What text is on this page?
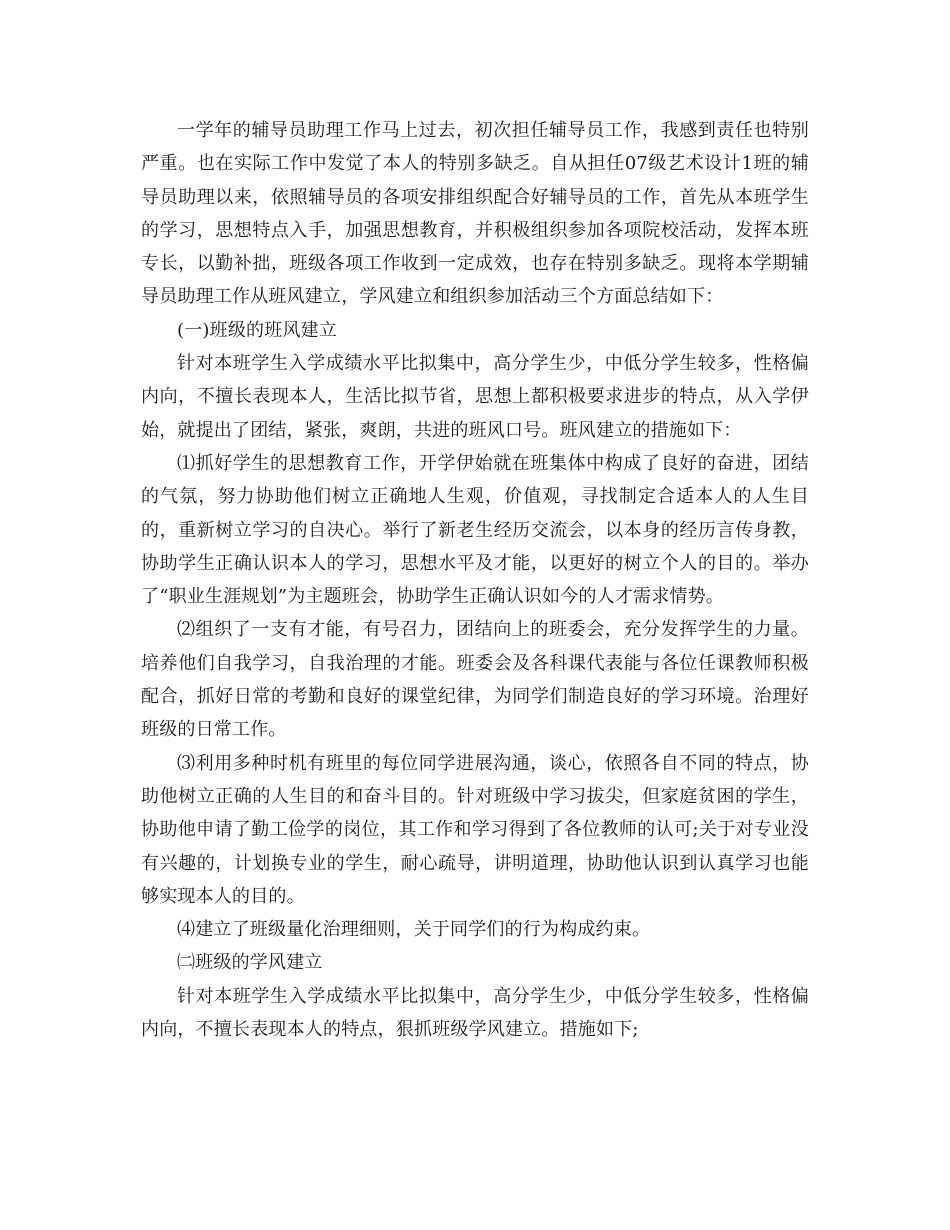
一学年的辅导员助理工作马上过去，初次担任辅导员工作，我感到责任也特别严重。也在实际工作中发觉了本人的特别多缺乏。自从担任07级艺术设计1班的辅导员助理以来，依照辅导员的各项安排组织配合好辅导员的工作，首先从本班学生的学习，思想特点入手，加强思想教育，并积极组织参加各项院校活动，发挥本班专长，以勤补拙，班级各项工作收到一定成效，也存在特别多缺乏。现将本学期辅导员助理工作从班风建立，学风建立和组织参加活动三个方面总结如下：

(一)班级的班风建立

针对本班学生入学成绩水平比拟集中，高分学生少，中低分学生较多，性格偏内向，不擅长表现本人，生活比拟节省，思想上都积极要求进步的特点，从入学伊始，就提出了团结，紧张，爽朗，共进的班风口号。班风建立的措施如下：

⑴抓好学生的思想教育工作，开学伊始就在班集体中构成了良好的奋进，团结的气氛，努力协助他们树立正确地人生观，价值观，寻找制定合适本人的人生目的，重新树立学习的自决心。举行了新老生经历交流会，以本身的经历言传身教，协助学生正确认识本人的学习，思想水平及才能，以更好的树立个人的目的。举办了“职业生涯规划”为主题班会，协助学生正确认识如今的人才需求情势。

⑵组织了一支有才能，有号召力，团结向上的班委会，充分发挥学生的力量。培养他们自我学习，自我治理的才能。班委会及各科课代表能与各位任课教师积极配合，抓好日常的考勤和良好的课堂纪律，为同学们制造良好的学习环境。治理好班级的日常工作。

⑶利用多种时机有班里的每位同学进展沟通，谈心，依照各自不同的特点，协助他树立正确的人生目的和奋斗目的。针对班级中学习拔尖，但家庭贫困的学生，协助他申请了勤工俭学的岗位，其工作和学习得到了各位教师的认可;关于对专业没有兴趣的，计划换专业的学生，耐心疏导，讲明道理，协助他认识到认真学习也能够实现本人的目的。

⑷建立了班级量化治理细则，关于同学们的行为构成约束。

㈡班级的学风建立

针对本班学生入学成绩水平比拟集中，高分学生少，中低分学生较多，性格偏内向，不擅长表现本人的特点，狠抓班级学风建立。措施如下;
